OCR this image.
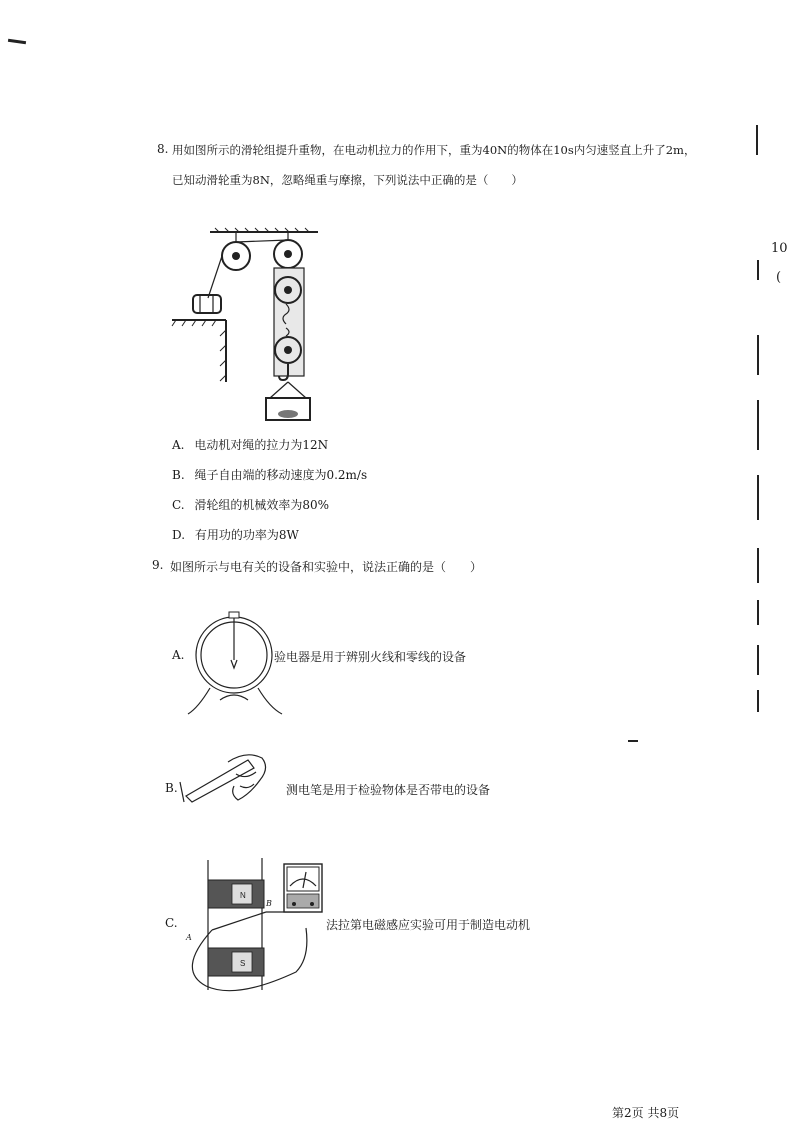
10
(
8. 用如图所示的滑轮组提升重物，在电动机拉力的作用下，重为40N的物体在10s内匀速竖直上升了2m，
已知动滑轮重为8N，忽略绳重与摩擦，下列说法中正确的是（　　）
A. 电动机对绳的拉力为12N
B. 绳子自由端的移动速度为0.2m/s
C. 滑轮组的机械效率为80%
D. 有用功的功率为8W
9. 如图所示与电有关的设备和实验中，说法正确的是（　　）
A.	验电器是用于辨别火线和零线的设备
B.	测电笔是用于检验物体是否带电的设备
C.
N
S
A
B
法拉第电磁感应实验可用于制造电动机
第2页 共8页
